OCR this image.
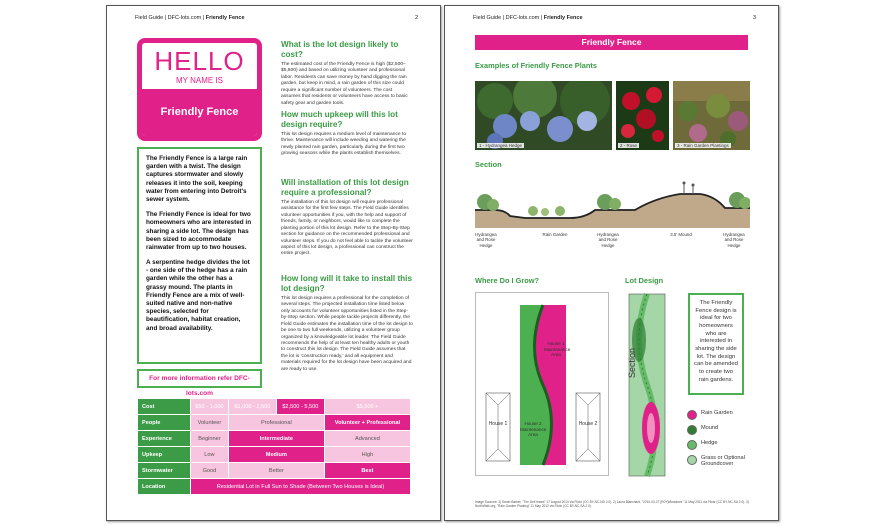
Field Guide | DFC-lots.com | Friendly Fence	2
HELLO
MY NAME IS
Friendly Fence

The Friendly Fence is a large rain garden with a twist. The design captures stormwater and slowly releases it into the soil, keeping water from entering into Detroit's sewer system.

The Friendly Fence is ideal for two homeowners who are interested in sharing a side lot. The design has been sized to accommodate rainwater from up to two houses.

A serpentine hedge divides the lot - one side of the hedge has a rain garden while the other has a grassy mound. The plants in Friendly Fence are a mix of well-suited native and non-native species, selected for beautification, habitat creation, and broad availability.

For more information refer DFC-lots.com
What is the lot design likely to cost?

The estimated cost of the Friendly Fence is high ($2,500–$5,500) and based on utilizing volunteer and professional labor. Residents can save money by hand digging the rain garden, but keep in mind, a rain garden of this size could require a significant number of volunteers. The cost assumes that residents or volunteers have access to basic safety gear and garden tools.

How much upkeep will this lot design require?

This lot design requires a medium level of maintenance to thrive. Maintenance will include weeding and watering the newly planted rain garden, particularly during the first two growing seasons while the plants establish themselves.

Will installation of this lot design require a professional?

The installation of this lot design will require professional assistance for the first few steps. The Field Guide identifies volunteer opportunities if you, with the help and support of friends, family, or neighbors, would like to complete the planting portion of this lot design. Refer to the Step-By-Step section for guidance on the recommended professional and volunteer steps. If you do not feel able to tackle the volunteer aspect of this lot design, a professional can construct the entire project.

How long will it take to install this lot design?

This lot design requires a professional for the completion of several steps. The projected installation time listed below only accounts for volunteer opportunities listed in the Step-by-Step section. While people tackle projects differently, the Field Guide estimates the installation time of the lot design to be one to two full weekends, utilizing a volunteer group organized by a knowledgeable lot leader. The Field Guide recommends the help of at least ten healthy adults or youth to construct this lot design. The Field Guide assumes that the lot is 'construction ready,' and all equipment and materials required for the lot design have been acquired and are ready to use.

Cost	$50 - 1,000	$1,000 - 2,500	$2,500 - 5,500	$5,500 +
People	Volunteer	Professional		Volunteer + Professional
Experience	Beginner	Intermediate		Advanced
Upkeep	Low	Medium		High
Stormwater	Good	Better		Best
Location	Residential Lot in Full Sun to Shade (Between Two Houses is Ideal)			
Field Guide | DFC-lots.com | Friendly Fence	3
Friendly Fence
Examples of Friendly Fence Plants
1 - Hydrangea Hedge	2 - Rose	3 - Rain Garden Plantings
Section
Hydrangea and Rose Hedge
Rain Garden	Hydrangea and Rose Hedge
3.5' Mound	Hydrangea and Rose Hedge
Where Do I Grow?
House 1	House 2
House 1 Maintenance Area
House 2 Maintenance Area
Lot Design
Section
The Friendly Fence design is ideal for two homeowners who are interested in sharing the side lot. The design can be amended to create two rain gardens.
Rain Garden
Mound
Hedge
Grass or Optional Groundcover
Image Sources: 1) Sarah Barker, "The Dell Iewes" 17 August 2014 via Flickr (CC BY-NC-ND 2.0). 2) Laura Blanchard, "2010-03-27 (R0Y)Meadows" 11 May 2011 via Flickr (CC BY-NC-SA 2.0). 3) NorthWalk.org, "Rain Garden Planting" 11 May 2012 via Flickr (CC BY-NC-SA 2.0).
